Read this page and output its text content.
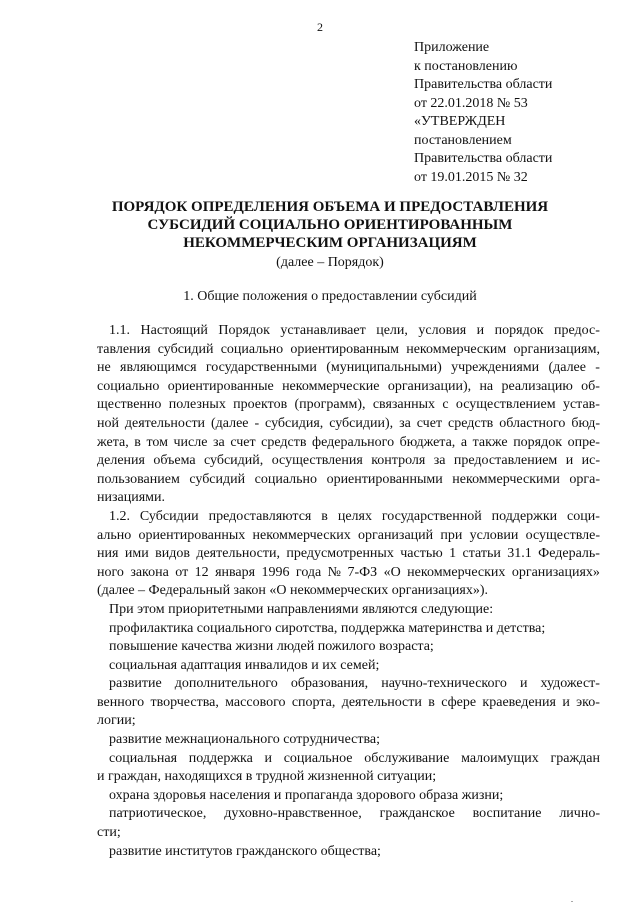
2
Приложение
к постановлению
Правительства области
от 22.01.2018 № 53
«УТВЕРЖДЕН
постановлением
Правительства области
от 19.01.2015 № 32
ПОРЯДОК ОПРЕДЕЛЕНИЯ ОБЪЕМА И ПРЕДОСТАВЛЕНИЯ
СУБСИДИЙ СОЦИАЛЬНО ОРИЕНТИРОВАННЫМ
НЕКОММЕРЧЕСКИМ ОРГАНИЗАЦИЯМ
(далее – Порядок)
1. Общие положения о предоставлении субсидий
1.1. Настоящий Порядок устанавливает цели, условия и порядок предос-
тавления субсидий социально ориентированным некоммерческим организациям,
не являющимся государственными (муниципальными) учреждениями (далее -
социально ориентированные некоммерческие организации), на реализацию об-
щественно полезных проектов (программ), связанных с осуществлением устав-
ной деятельности (далее - субсидия, субсидии), за счет средств областного бюд-
жета, в том числе за счет средств федерального бюджета, а также порядок опре-
деления объема субсидий, осуществления контроля за предоставлением и ис-
пользованием субсидий социально ориентированными некоммерческими орга-
низациями.
1.2. Субсидии предоставляются в целях государственной поддержки соци-
ально ориентированных некоммерческих организаций при условии осуществле-
ния ими видов деятельности, предусмотренных частью 1 статьи 31.1 Федераль-
ного закона от 12 января 1996 года № 7-ФЗ «О некоммерческих организациях»
(далее – Федеральный закон «О некоммерческих организациях»).
При этом приоритетными направлениями являются следующие:
профилактика социального сиротства, поддержка материнства и детства;
повышение качества жизни людей пожилого возраста;
социальная адаптация инвалидов и их семей;
развитие дополнительного образования, научно-технического и художест-
венного творчества, массового спорта, деятельности в сфере краеведения и эко-
логии;
развитие межнационального сотрудничества;
социальная поддержка и социальное обслуживание малоимущих граждан
и граждан, находящихся в трудной жизненной ситуации;
охрана здоровья населения и пропаганда здорового образа жизни;
патриотическое, духовно-нравственное, гражданское воспитание лично-
сти;
развитие институтов гражданского общества;
.
